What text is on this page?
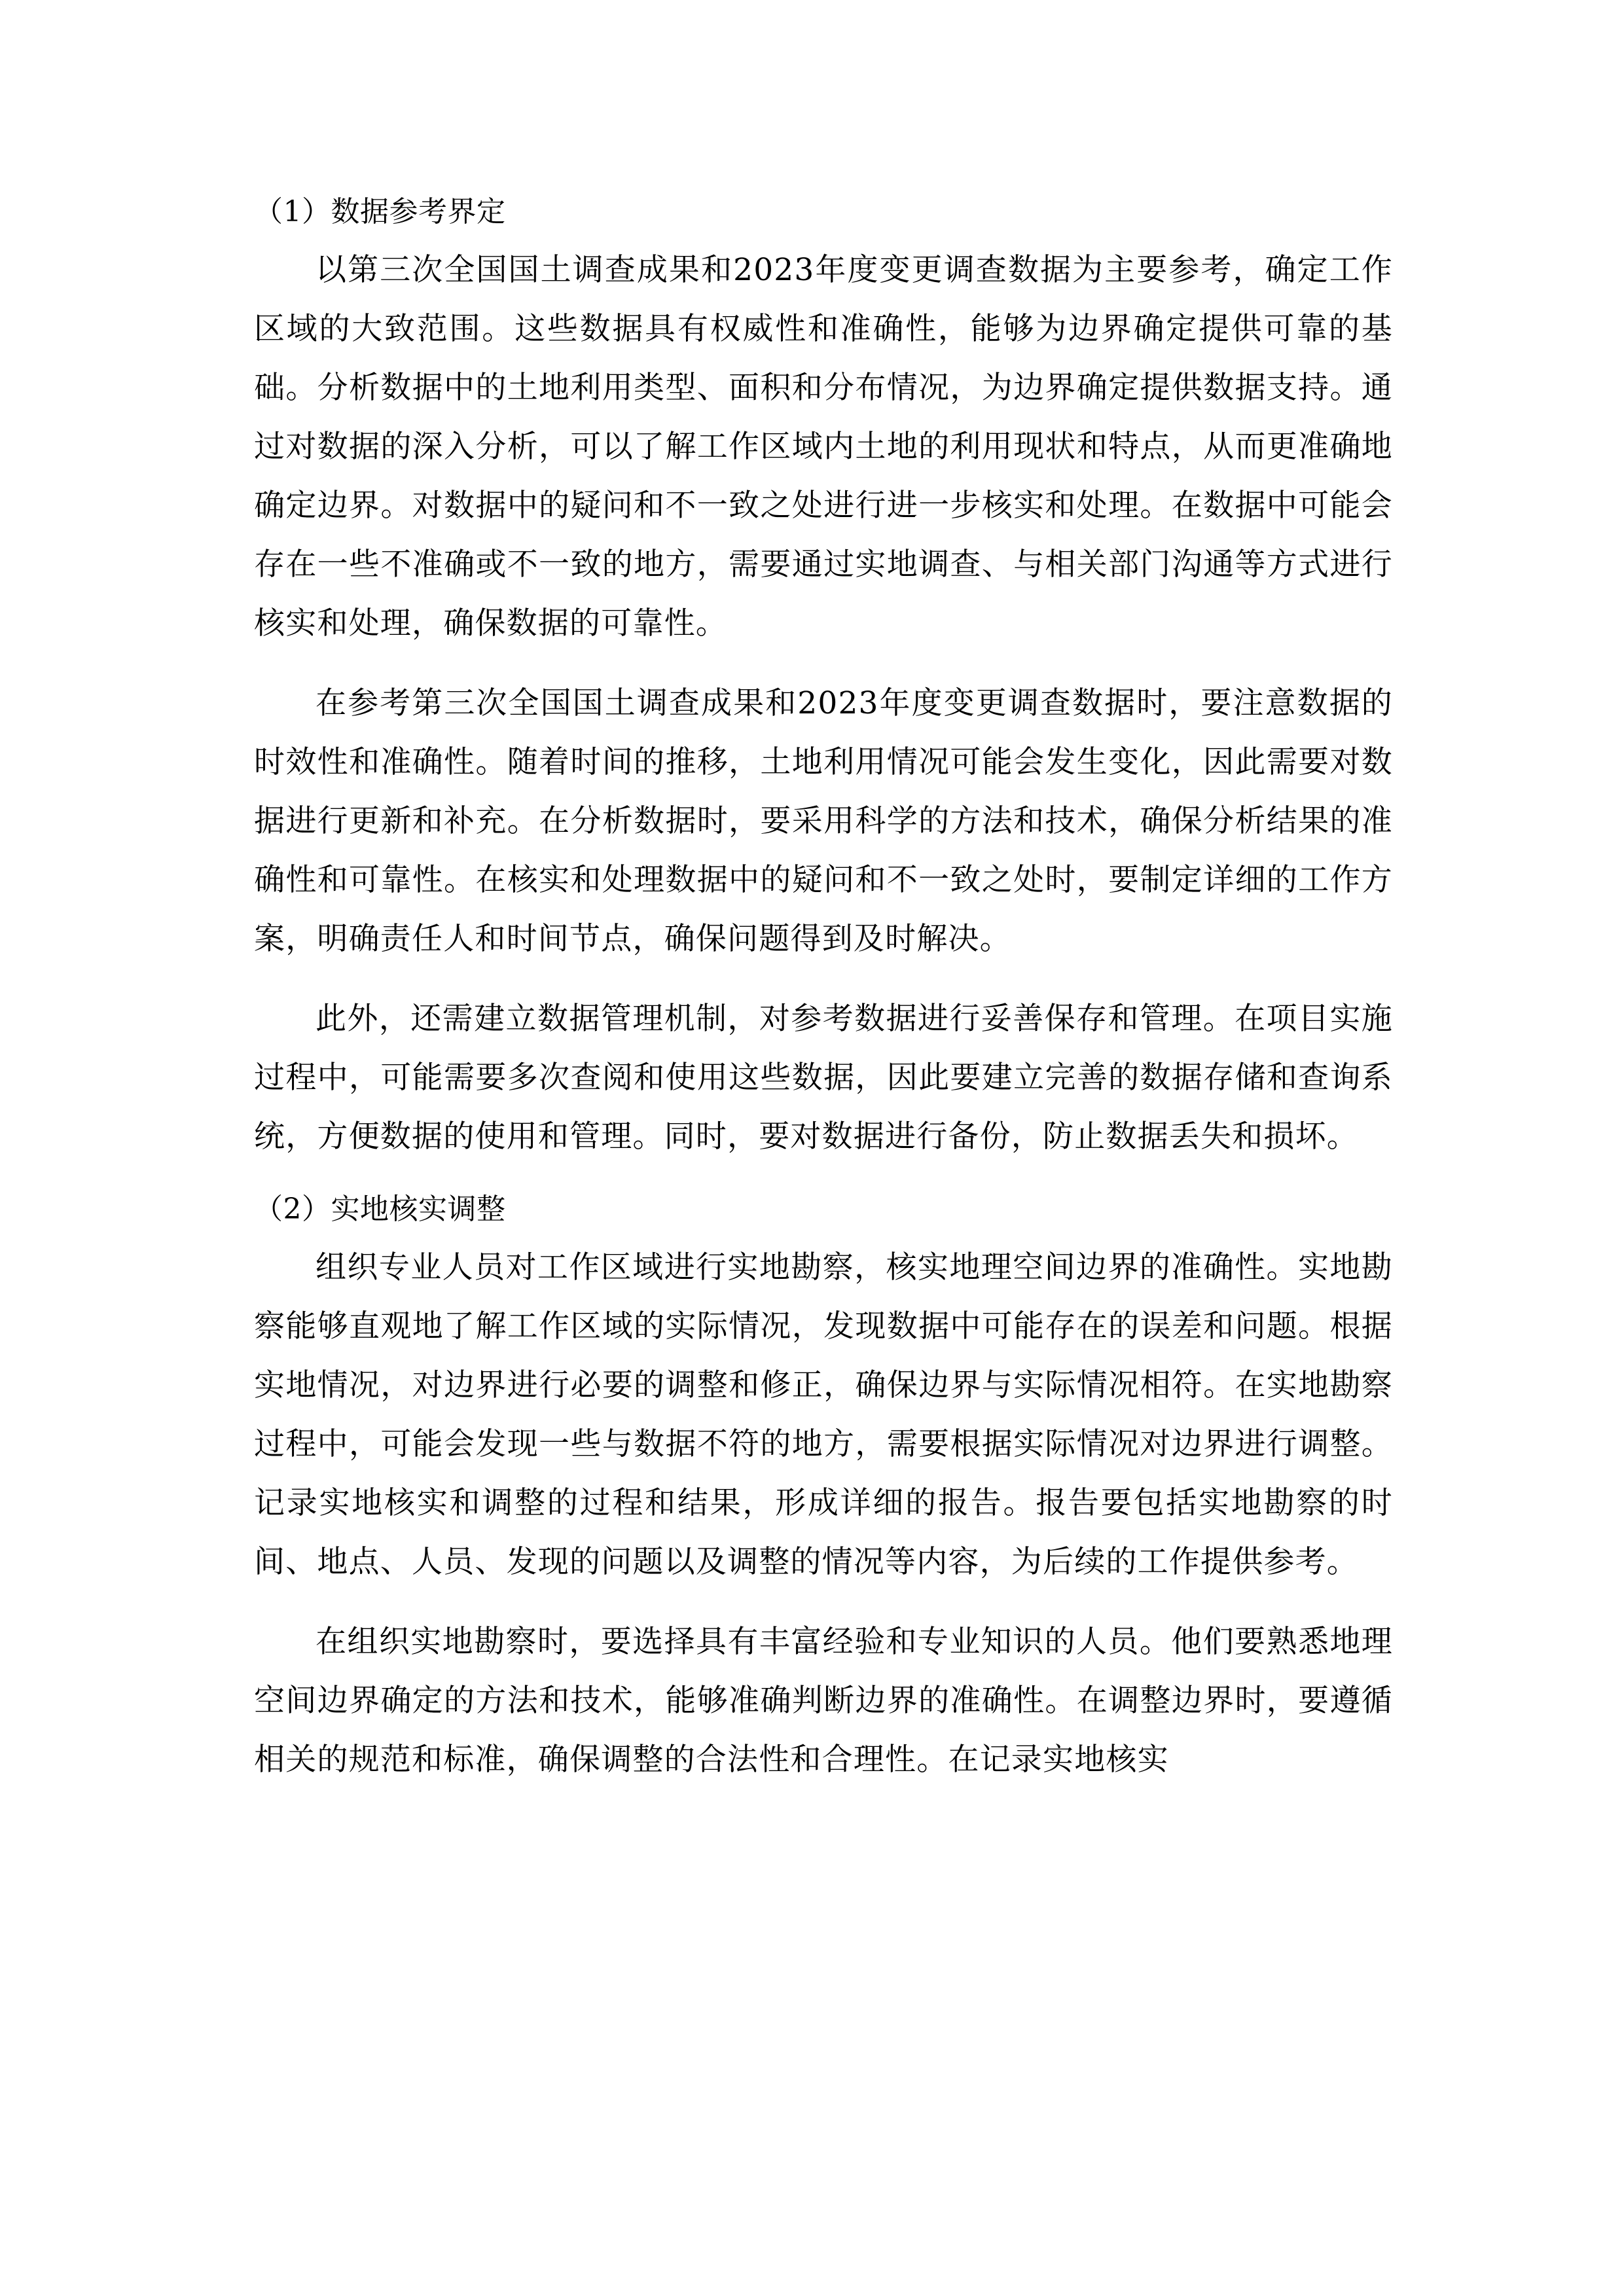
（1）数据参考界定

以第三次全国国土调查成果和2023年度变更调查数据为主要参考，确定工作区域的大致范围。这些数据具有权威性和准确性，能够为边界确定提供可靠的基础。分析数据中的土地利用类型、面积和分布情况，为边界确定提供数据支持。通过对数据的深入分析，可以了解工作区域内土地的利用现状和特点，从而更准确地确定边界。对数据中的疑问和不一致之处进行进一步核实和处理。在数据中可能会存在一些不准确或不一致的地方，需要通过实地调查、与相关部门沟通等方式进行核实和处理，确保数据的可靠性。

在参考第三次全国国土调查成果和2023年度变更调查数据时，要注意数据的时效性和准确性。随着时间的推移，土地利用情况可能会发生变化，因此需要对数据进行更新和补充。在分析数据时，要采用科学的方法和技术，确保分析结果的准确性和可靠性。在核实和处理数据中的疑问和不一致之处时，要制定详细的工作方案，明确责任人和时间节点，确保问题得到及时解决。

此外，还需建立数据管理机制，对参考数据进行妥善保存和管理。在项目实施过程中，可能需要多次查阅和使用这些数据，因此要建立完善的数据存储和查询系统，方便数据的使用和管理。同时，要对数据进行备份，防止数据丢失和损坏。

（2）实地核实调整

组织专业人员对工作区域进行实地勘察，核实地理空间边界的准确性。实地勘察能够直观地了解工作区域的实际情况，发现数据中可能存在的误差和问题。根据实地情况，对边界进行必要的调整和修正，确保边界与实际情况相符。在实地勘察过程中，可能会发现一些与数据不符的地方，需要根据实际情况对边界进行调整。记录实地核实和调整的过程和结果，形成详细的报告。报告要包括实地勘察的时间、地点、人员、发现的问题以及调整的情况等内容，为后续的工作提供参考。

在组织实地勘察时，要选择具有丰富经验和专业知识的人员。他们要熟悉地理空间边界确定的方法和技术，能够准确判断边界的准确性。在调整边界时，要遵循相关的规范和标准，确保调整的合法性和合理性。在记录实地核实
